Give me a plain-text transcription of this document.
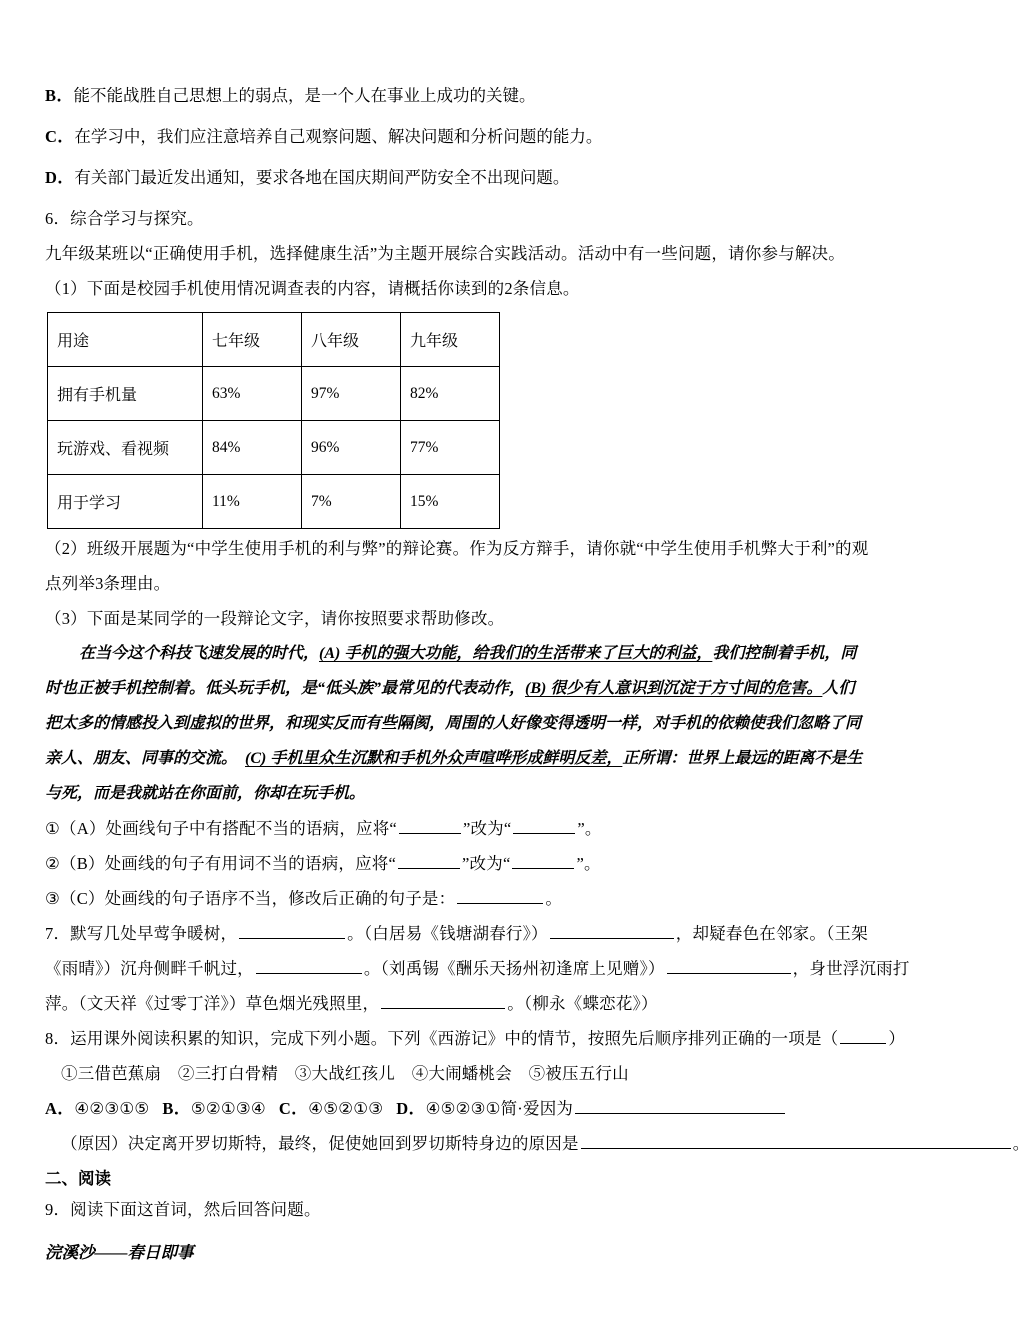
B．能不能战胜自己思想上的弱点，是一个人在事业上成功的关键。
C．在学习中，我们应注意培养自己观察问题、解决问题和分析问题的能力。
D．有关部门最近发出通知，要求各地在国庆期间严防安全不出现问题。
6．综合学习与探究。
九年级某班以“正确使用手机，选择健康生活”为主题开展综合实践活动。活动中有一些问题，请你参与解决。
（1）下面是校园手机使用情况调查表的内容，请概括你读到的2条信息。
用途	七年级	八年级	九年级
拥有手机量	63%	97%	82%
玩游戏、看视频	84%	96%	77%
用于学习	11%	7%	15%
（2）班级开展题为“中学生使用手机的利与弊”的辩论赛。作为反方辩手，请你就“中学生使用手机弊大于利”的观
点列举3条理由。
（3）下面是某同学的一段辩论文字，请你按照要求帮助修改。
在当今这个科技飞速发展的时代，(A) 手机的强大功能，给我们的生活带来了巨大的利益，我们控制着手机，同
时也正被手机控制着。低头玩手机，是“低头族”最常见的代表动作，(B) 很少有人意识到沉淀于方寸间的危害。人们
把太多的情感投入到虚拟的世界，和现实反而有些隔阂，周围的人好像变得透明一样，对手机的依赖使我们忽略了同
亲人、朋友、同事的交流。　(C) 手机里众生沉默和手机外众声喧哗形成鲜明反差，正所谓：世界上最远的距离不是生
与死，而是我就站在你面前，你却在玩手机。
①（A）处画线句子中有搭配不当的语病，应将“	”改为“	”。
②（B）处画线的句子有用词不当的语病，应将“	”改为“	”。
③（C）处画线的句子语序不当，修改后正确的句子是：	。
7．默写几处早莺争暖树，	。（白居易《钱塘湖春行》）	，却疑春色在邻家。（王架
《雨晴》）沉舟侧畔千帆过，	。（刘禹锡《酬乐天扬州初逢席上见赠》）	，身世浮沉雨打
萍。（文天祥《过零丁洋》）草色烟光残照里，	。（柳永《蝶恋花》）
8．运用课外阅读积累的知识，完成下列小题。下列《西游记》中的情节，按照先后顺序排列正确的一项是（	）
①三借芭蕉扇　②三打白骨精　③大战红孩儿　④大闹蟠桃会　⑤被压五行山
A．④②③①⑤ B．⑤②①③④ C．④⑤②①③ D．④⑤②③①简·爱因为
（原因）决定离开罗切斯特，最终，促使她回到罗切斯特身边的原因是	。
二、阅读
9．阅读下面这首词，然后回答问题。
浣溪沙——春日即事
